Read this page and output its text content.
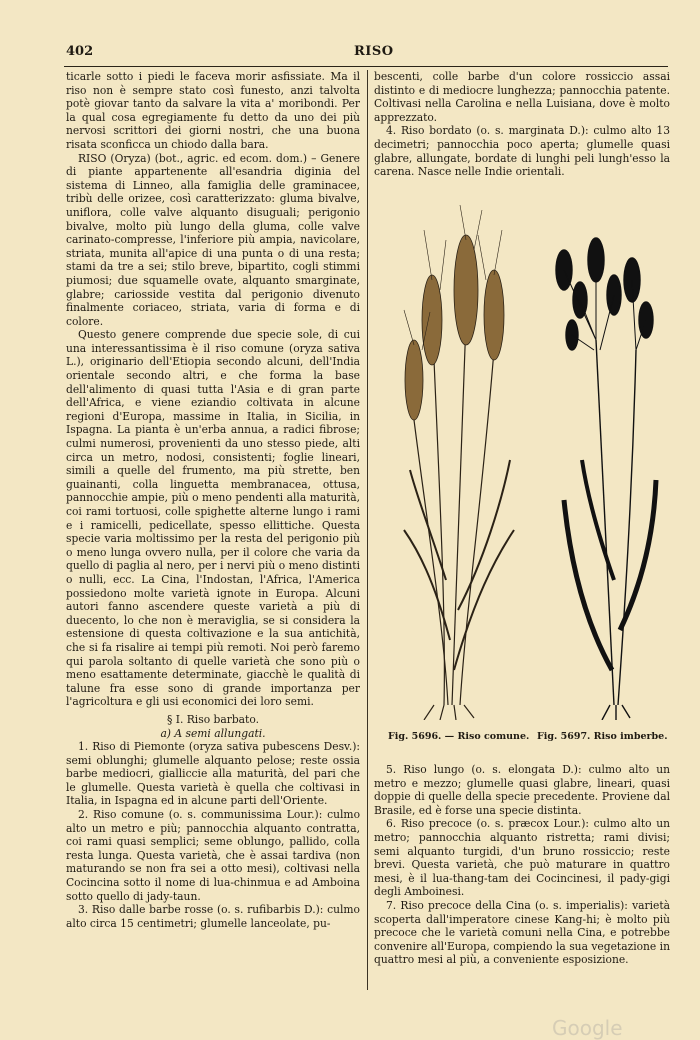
402	RISO

ticarle sotto i piedi le faceva morir asfissiate. Ma il riso non è sempre stato così funesto, anzi talvolta potè giovar tanto da salvare la vita a' moribondi. Per la qual cosa egregiamente fu detto da uno dei più nervosi scrittori dei giorni nostri, che una buona risata sconficca un chiodo dalla bara.

RISO (Oryza) (bot., agric. ed ecom. dom.) – Genere di piante appartenente all'esandria diginia del sistema di Linneo, alla famiglia delle graminacee, tribù delle orizee, così caratterizzato: gluma bivalve, uniflora, colle valve alquanto disuguali; perigonio bivalve, molto più lungo della gluma, colle valve carinato-compresse, l'inferiore più ampia, navicolare, striata, munita all'apice di una punta o di una resta; stami da tre a sei; stilo breve, bipartito, cogli stimmi piumosi; due squamelle ovate, alquanto smarginate, glabre; cariosside vestita dal perigonio divenuto finalmente coriaceo, striata, varia di forma e di colore.

Questo genere comprende due specie sole, di cui una interessantissima è il riso comune (oryza sativa L.), originario dell'Etiopia secondo alcuni, dell'India orientale secondo altri, e che forma la base dell'alimento di quasi tutta l'Asia e di gran parte dell'Africa, e viene eziandio coltivata in alcune regioni d'Europa, massime in Italia, in Sicilia, in Ispagna. La pianta è un'erba annua, a radici fibrose; culmi numerosi, provenienti da uno stesso piede, alti circa un metro, nodosi, consistenti; foglie lineari, simili a quelle del frumento, ma più strette, ben guainanti, colla linguetta membranacea, ottusa, pannocchie ampie, più o meno pendenti alla maturità, coi rami tortuosi, colle spighette alterne lungo i rami e i ramicelli, pedicellate, spesso ellittiche. Questa specie varia moltissimo per la resta del perigonio più o meno lunga ovvero nulla, per il colore che varia da quello di paglia al nero, per i nervi più o meno distinti o nulli, ecc. La Cina, l'Indostan, l'Africa, l'America possiedono molte varietà ignote in Europa. Alcuni autori fanno ascendere queste varietà a più di duecento, lo che non è meraviglia, se si considera la estensione di questa coltivazione e la sua antichità, che si fa risalire ai tempi più remoti. Noi però faremo qui parola soltanto di quelle varietà che sono più o meno esattamente determinate, giacchè le qualità di talune fra esse sono di grande importanza per l'agricoltura e gli usi economici dei loro semi.

§ I. Riso barbato.

a) A semi allungati.

1. Riso di Piemonte (oryza sativa pubescens Desv.): semi oblunghi; glumelle alquanto pelose; reste ossia barbe mediocri, gialliccie alla maturità, del pari che le glumelle. Questa varietà è quella che coltivasi in Italia, in Ispagna ed in alcune parti dell'Oriente.

2. Riso comune (o. s. communissima Lour.): culmo alto un metro e più; pannocchia alquanto contratta, coi rami quasi semplici; seme oblungo, pallido, colla resta lunga. Questa varietà, che è assai tardiva (non maturando se non fra sei a otto mesi), coltivasi nella Cocincina sotto il nome di lua-chinmua e ad Amboina sotto quello di jady-taun.

3. Riso dalle barbe rosse (o. s. rufibarbis D.): culmo alto circa 15 centimetri; glumelle lanceolate, pu-

bescenti, colle barbe d'un colore rossiccio assai distinto e di mediocre lunghezza; pannocchia patente. Coltivasi nella Carolina e nella Luisiana, dove è molto apprezzato.

4. Riso bordato (o. s. marginata D.): culmo alto 13 decimetri; pannocchia poco aperta; glumelle quasi glabre, allungate, bordate di lunghi peli lungh'esso la carena. Nasce nelle Indie orientali.

Fig. 5696. — Riso comune. Fig. 5697. Riso imberbe.

5. Riso lungo (o. s. elongata D.): culmo alto un metro e mezzo; glumelle quasi glabre, lineari, quasi doppie di quelle della specie precedente. Proviene dal Brasile, ed è forse una specie distinta.

6. Riso precoce (o. s. præcox Lour.): culmo alto un metro; pannocchia alquanto ristretta; rami divisi; semi alquanto turgidi, d'un bruno rossiccio; reste brevi. Questa varietà, che può maturare in quattro mesi, è il lua-thang-tam dei Cocincinesi, il pady-gigi degli Amboinesi.

7. Riso precoce della Cina (o. s. imperialis): varietà scoperta dall'imperatore cinese Kang-hi; è molto più precoce che le varietà comuni nella Cina, e potrebbe convenire all'Europa, compiendo la sua vegetazione in quattro mesi al più, a conveniente esposizione.

Google
